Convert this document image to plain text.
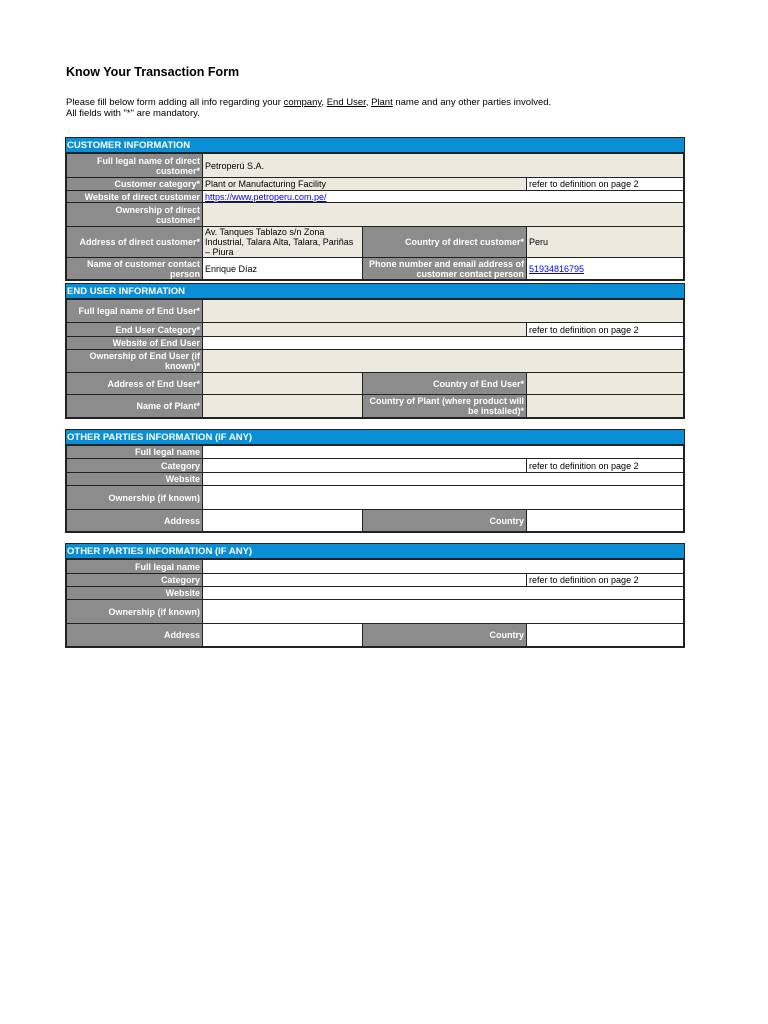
Know Your Transaction Form
Please fill below form adding all info regarding your company, End User, Plant name and any other parties involved.
All fields with "*" are mandatory.
CUSTOMER INFORMATION
Full legal name of direct customer*	Petroperú S.A.		
Customer category*	Plant or Manufacturing Facility		refer to definition on page 2
Website of direct customer	https://www.petroperu.com.pe/		
Ownership of direct customer*			
Address of direct customer*	Av. Tanques Tablazo s/n Zona Industrial, Talara Alta, Talara, Pariñas – Piura	Country of direct customer*	Peru
Name of customer contact person	Enrique Díaz	Phone number and email address of customer contact person	51934816795
END USER INFORMATION
Full legal name of End User*			
End User Category*			refer to definition on page 2
Website of End User			
Ownership of End User (if known)*			
Address of End User*		Country of End User*	
Name of Plant*		Country of Plant (where product will be installed)*	
OTHER PARTIES INFORMATION (IF ANY)
Full legal name			
Category			refer to definition on page 2
Website			
Ownership (if known)			
Address		Country	
OTHER PARTIES INFORMATION (IF ANY)
Full legal name			
Category			refer to definition on page 2
Website			
Ownership (if known)			
Address		Country	
